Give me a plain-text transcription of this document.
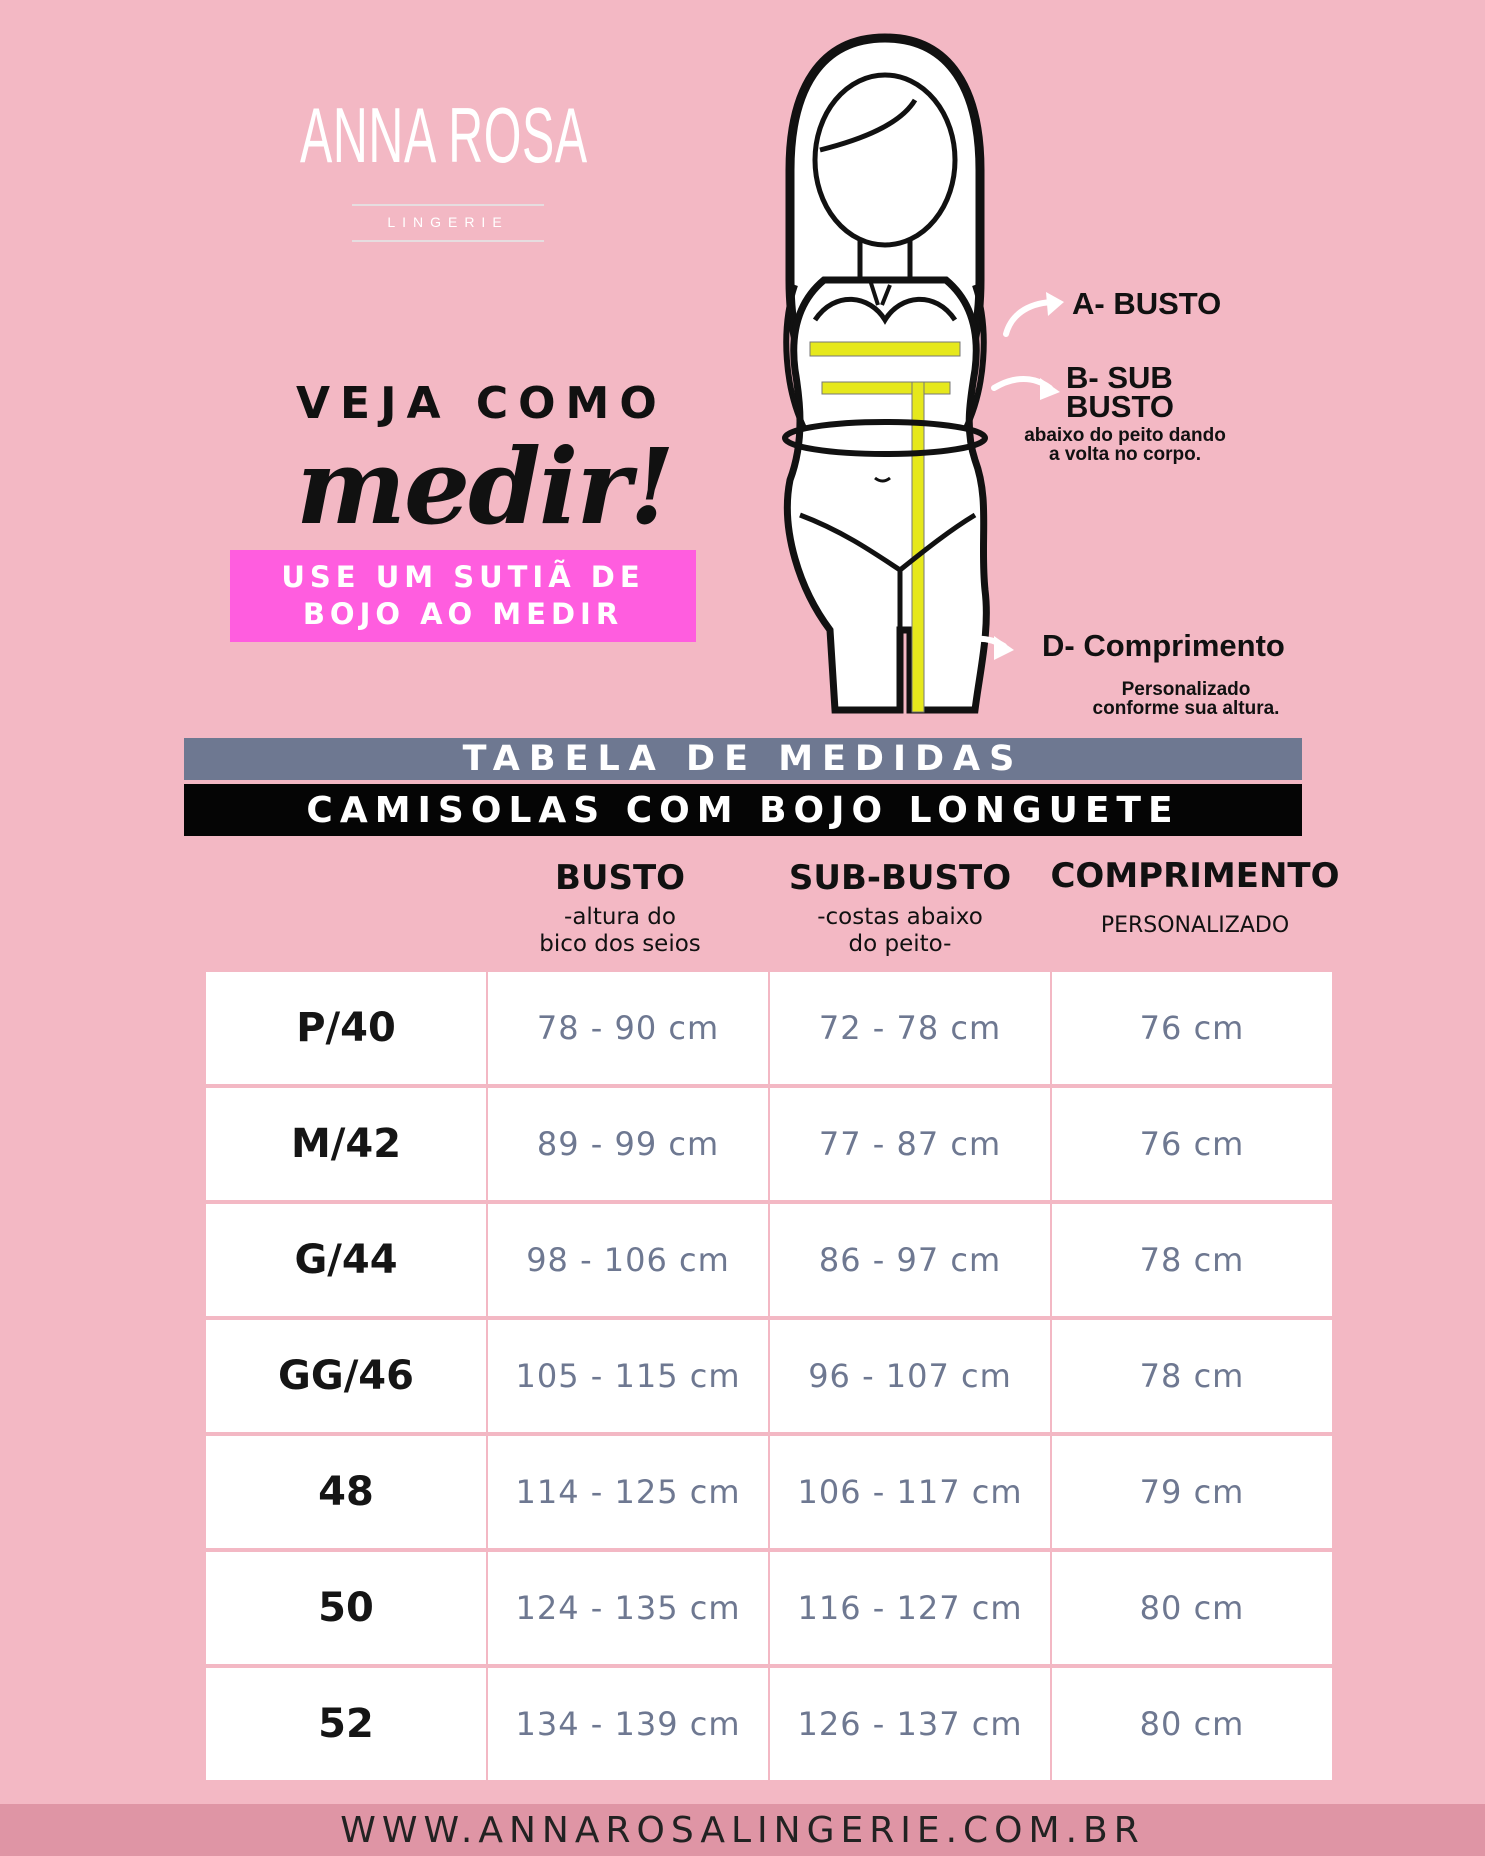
ANNA ROSA
LINGERIE
VEJA COMO
medir!
USE UM SUTIÃ DE
BOJO AO MEDIR
A- BUSTO
B- SUB
BUSTO
abaixo do peito dando
a volta no corpo.
D- Comprimento
Personalizado
conforme sua altura.
TABELA DE MEDIDAS
CAMISOLAS COM BOJO LONGUETE
BUSTO
-altura do
bico dos seios
SUB-BUSTO
-costas abaixo
do peito-
COMPRIMENTO
PERSONALIZADO
P/40	78 - 90 cm	72 - 78 cm	76 cm
M/42	89 - 99 cm	77 - 87 cm	76 cm
G/44	98 - 106 cm	86 - 97 cm	78 cm
GG/46	105 - 115 cm	96 - 107 cm	78 cm
48	114 - 125 cm	106 - 117 cm	79 cm
50	124 - 135 cm	116 - 127 cm	80 cm
52	134 - 139 cm	126 - 137 cm	80 cm
WWW.ANNAROSALINGERIE.COM.BR
